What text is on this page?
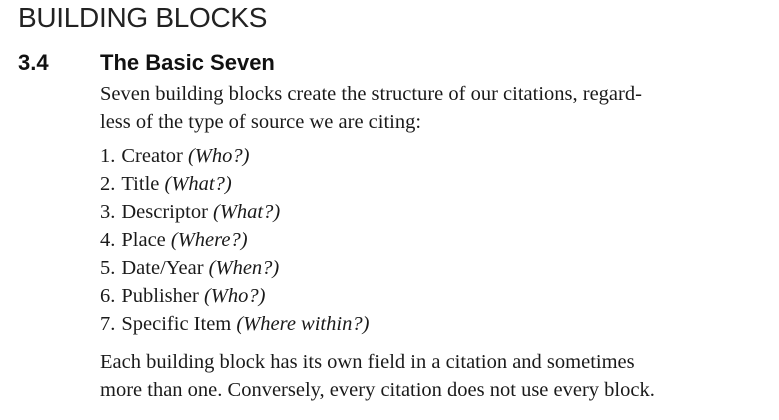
BUILDING BLOCKS
3.4 The Basic Seven
Seven building blocks create the structure of our citations, regard-
less of the type of source we are citing:
1. Creator (Who?)
2. Title (What?)
3. Descriptor (What?)
4. Place (Where?)
5. Date/Year (When?)
6. Publisher (Who?)
7. Specific Item (Where within?)
Each building block has its own field in a citation and sometimes
more than one. Conversely, every citation does not use every block.
